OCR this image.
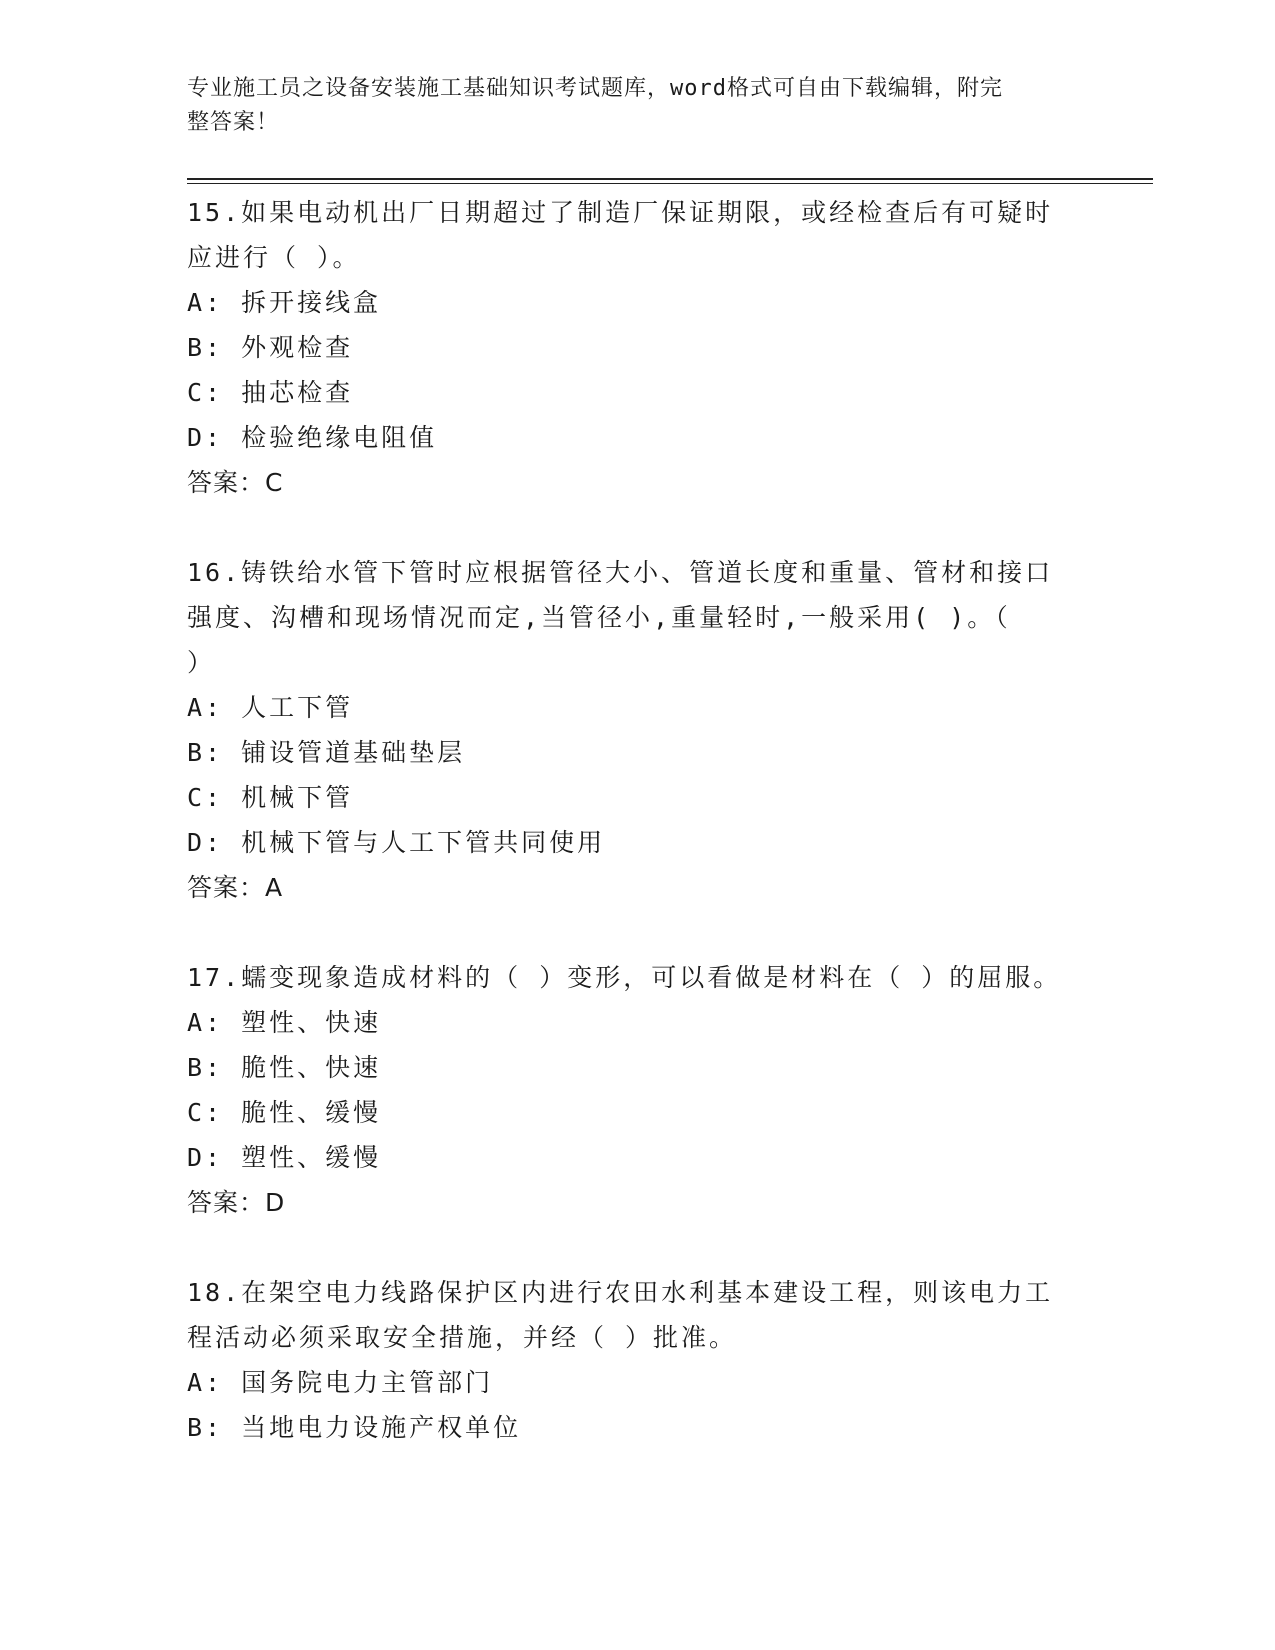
专业施工员之设备安装施工基础知识考试题库，word格式可自由下载编辑，附完
整答案！

15.如果电动机出厂日期超过了制造厂保证期限，或经检查后有可疑时

应进行（ ）。

A: 拆开接线盒

B: 外观检查

C: 抽芯检查

D: 检验绝缘电阻值

答案：C

16.铸铁给水管下管时应根据管径大小、管道长度和重量、管材和接口

强度、沟槽和现场情况而定,当管径小,重量轻时,一般采用( )。（

）

A: 人工下管

B: 铺设管道基础垫层

C: 机械下管

D: 机械下管与人工下管共同使用

答案：A

17.蠕变现象造成材料的（ ）变形，可以看做是材料在（ ）的屈服。

A: 塑性、快速

B: 脆性、快速

C: 脆性、缓慢

D: 塑性、缓慢

答案：D

18.在架空电力线路保护区内进行农田水利基本建设工程，则该电力工

程活动必须采取安全措施，并经（ ）批准。

A: 国务院电力主管部门

B: 当地电力设施产权单位
